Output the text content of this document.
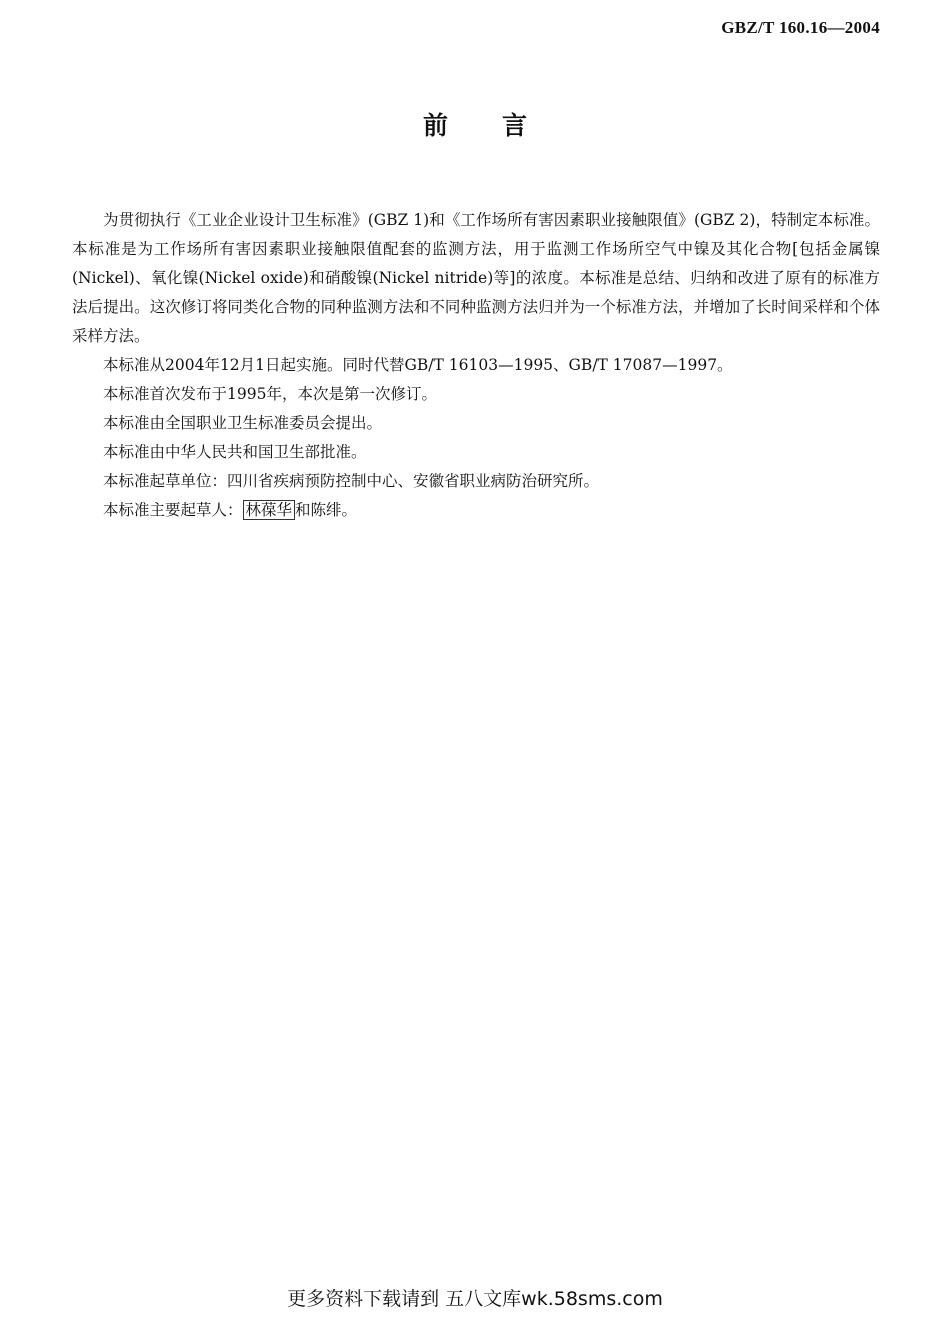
GBZ/T 160.16—2004
前言

为贯彻执行《工业企业设计卫生标准》(GBZ 1)和《工作场所有害因素职业接触限值》(GBZ 2)，特制定本标准。本标准是为工作场所有害因素职业接触限值配套的监测方法，用于监测工作场所空气中镍及其化合物[包括金属镍(Nickel)、氧化镍(Nickel oxide)和硝酸镍(Nickel nitride)等]的浓度。本标准是总结、归纳和改进了原有的标准方法后提出。这次修订将同类化合物的同种监测方法和不同种监测方法归并为一个标准方法，并增加了长时间采样和个体采样方法。

本标准从2004年12月1日起实施。同时代替GB/T 16103—1995、GB/T 17087—1997。

本标准首次发布于1995年，本次是第一次修订。

本标准由全国职业卫生标准委员会提出。

本标准由中华人民共和国卫生部批准。

本标准起草单位：四川省疾病预防控制中心、安徽省职业病防治研究所。

本标准主要起草人： 林葆华 和陈绯。

更多资料下载请到 五八文库wk.58sms.com
